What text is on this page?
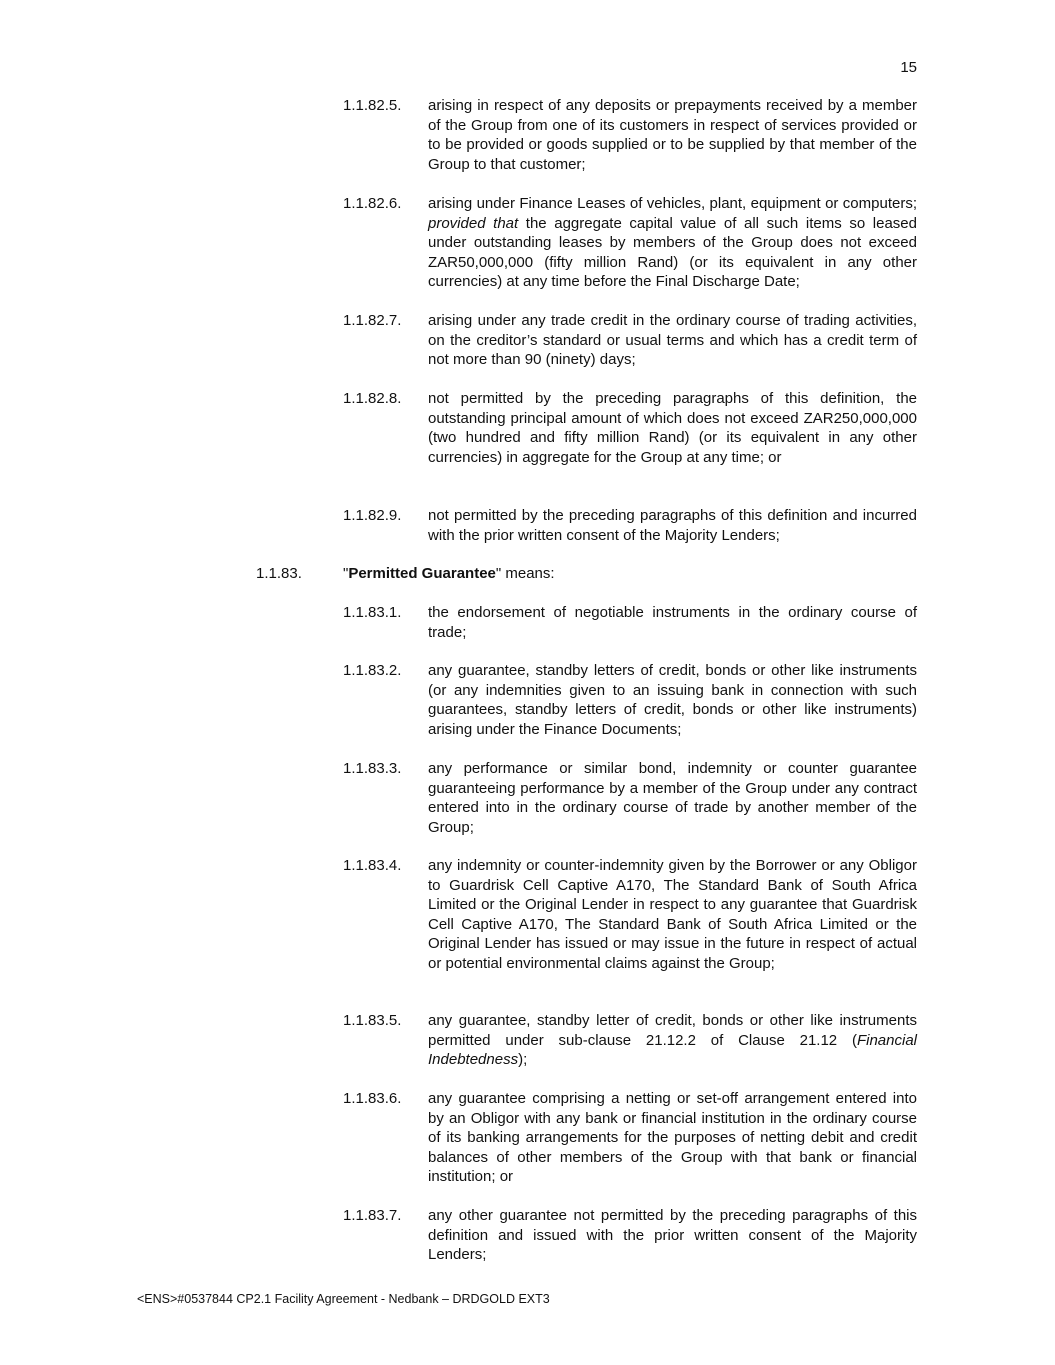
15
1.1.82.5. arising in respect of any deposits or prepayments received by a member of the Group from one of its customers in respect of services provided or to be provided or goods supplied or to be supplied by that member of the Group to that customer;
1.1.82.6. arising under Finance Leases of vehicles, plant, equipment or computers; provided that the aggregate capital value of all such items so leased under outstanding leases by members of the Group does not exceed ZAR50,000,000 (fifty million Rand) (or its equivalent in any other currencies) at any time before the Final Discharge Date;
1.1.82.7. arising under any trade credit in the ordinary course of trading activities, on the creditor’s standard or usual terms and which has a credit term of not more than 90 (ninety) days;
1.1.82.8. not permitted by the preceding paragraphs of this definition, the outstanding principal amount of which does not exceed ZAR250,000,000 (two hundred and fifty million Rand) (or its equivalent in any other currencies) in aggregate for the Group at any time; or
1.1.82.9. not permitted by the preceding paragraphs of this definition and incurred with the prior written consent of the Majority Lenders;
1.1.83.	"Permitted Guarantee" means:
1.1.83.1. the endorsement of negotiable instruments in the ordinary course of trade;
1.1.83.2. any guarantee, standby letters of credit, bonds or other like instruments (or any indemnities given to an issuing bank in connection with such guarantees, standby letters of credit, bonds or other like instruments) arising under the Finance Documents;
1.1.83.3. any performance or similar bond, indemnity or counter guarantee guaranteeing performance by a member of the Group under any contract entered into in the ordinary course of trade by another member of the Group;
1.1.83.4. any indemnity or counter-indemnity given by the Borrower or any Obligor to Guardrisk Cell Captive A170, The Standard Bank of South Africa Limited or the Original Lender in respect to any guarantee that Guardrisk Cell Captive A170, The Standard Bank of South Africa Limited or the Original Lender has issued or may issue in the future in respect of actual or potential environmental claims against the Group;
1.1.83.5. any guarantee, standby letter of credit, bonds or other like instruments permitted under sub-clause 21.12.2 of Clause 21.12 (Financial Indebtedness);
1.1.83.6. any guarantee comprising a netting or set-off arrangement entered into by an Obligor with any bank or financial institution in the ordinary course of its banking arrangements for the purposes of netting debit and credit balances of other members of the Group with that bank or financial institution; or
1.1.83.7. any other guarantee not permitted by the preceding paragraphs of this definition and issued with the prior written consent of the Majority Lenders;
<ENS>#0537844 CP2.1 Facility Agreement - Nedbank – DRDGOLD EXT3
